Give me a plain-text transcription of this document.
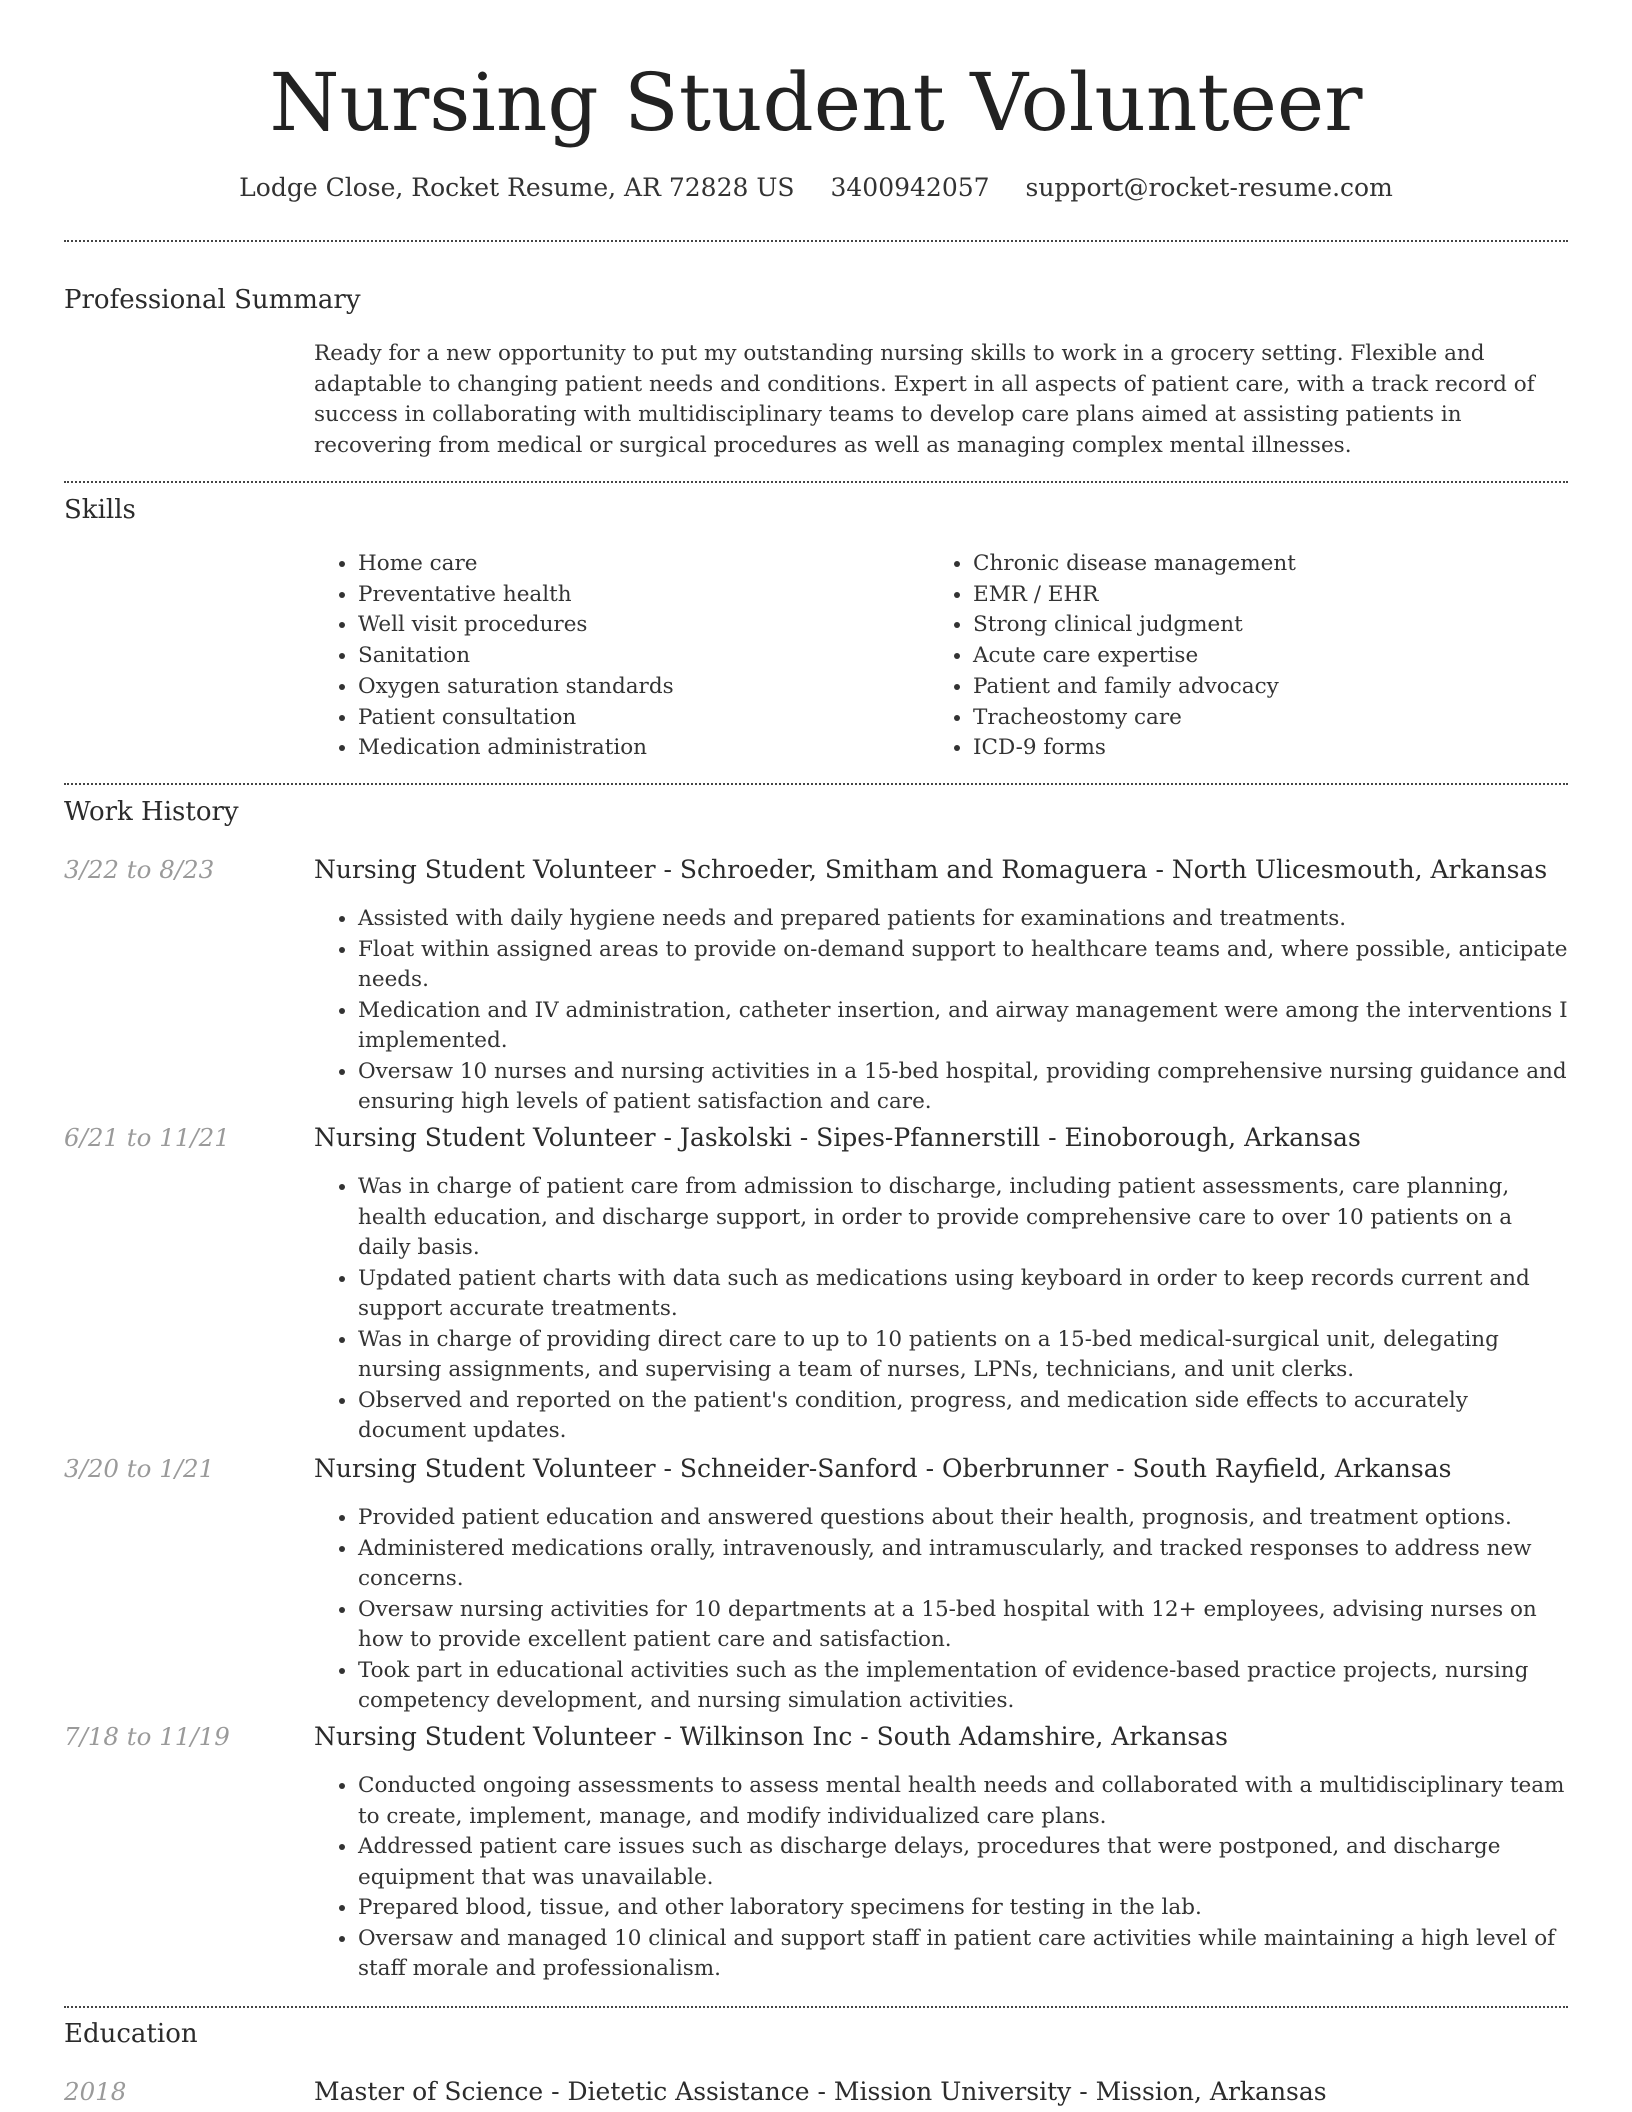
Nursing Student Volunteer
Lodge Close, Rocket Resume, AR 72828 US 3400942057 support@rocket-resume.com
Professional Summary
Ready for a new opportunity to put my outstanding nursing skills to work in a grocery setting. Flexible and adaptable to changing patient needs and conditions. Expert in all aspects of patient care, with a track record of success in collaborating with multidisciplinary teams to develop care plans aimed at assisting patients in recovering from medical or surgical procedures as well as managing complex mental illnesses.
Skills
• Home care
• Preventative health
• Well visit procedures
• Sanitation
• Oxygen saturation standards
• Patient consultation
• Medication administration
• Chronic disease management
• EMR / EHR
• Strong clinical judgment
• Acute care expertise
• Patient and family advocacy
• Tracheostomy care
• ICD-9 forms
Work History
3/22 to 8/23	Nursing Student Volunteer - Schroeder, Smitham and Romaguera - North Ulicesmouth, Arkansas
• Assisted with daily hygiene needs and prepared patients for examinations and treatments.
• Float within assigned areas to provide on-demand support to healthcare teams and, where possible, anticipate needs.
• Medication and IV administration, catheter insertion, and airway management were among the interventions I implemented.
• Oversaw 10 nurses and nursing activities in a 15-bed hospital, providing comprehensive nursing guidance and ensuring high levels of patient satisfaction and care.
6/21 to 11/21	Nursing Student Volunteer - Jaskolski - Sipes-Pfannerstill - Einoborough, Arkansas
• Was in charge of patient care from admission to discharge, including patient assessments, care planning, health education, and discharge support, in order to provide comprehensive care to over 10 patients on a daily basis.
• Updated patient charts with data such as medications using keyboard in order to keep records current and support accurate treatments.
• Was in charge of providing direct care to up to 10 patients on a 15-bed medical-surgical unit, delegating nursing assignments, and supervising a team of nurses, LPNs, technicians, and unit clerks.
• Observed and reported on the patient's condition, progress, and medication side effects to accurately document updates.
3/20 to 1/21	Nursing Student Volunteer - Schneider-Sanford - Oberbrunner - South Rayfield, Arkansas
• Provided patient education and answered questions about their health, prognosis, and treatment options.
• Administered medications orally, intravenously, and intramuscularly, and tracked responses to address new concerns.
• Oversaw nursing activities for 10 departments at a 15-bed hospital with 12+ employees, advising nurses on how to provide excellent patient care and satisfaction.
• Took part in educational activities such as the implementation of evidence-based practice projects, nursing competency development, and nursing simulation activities.
7/18 to 11/19	Nursing Student Volunteer - Wilkinson Inc - South Adamshire, Arkansas
• Conducted ongoing assessments to assess mental health needs and collaborated with a multidisciplinary team to create, implement, manage, and modify individualized care plans.
• Addressed patient care issues such as discharge delays, procedures that were postponed, and discharge equipment that was unavailable.
• Prepared blood, tissue, and other laboratory specimens for testing in the lab.
• Oversaw and managed 10 clinical and support staff in patient care activities while maintaining a high level of staff morale and professionalism.
Education
2018	Master of Science - Dietetic Assistance - Mission University - Mission, Arkansas
